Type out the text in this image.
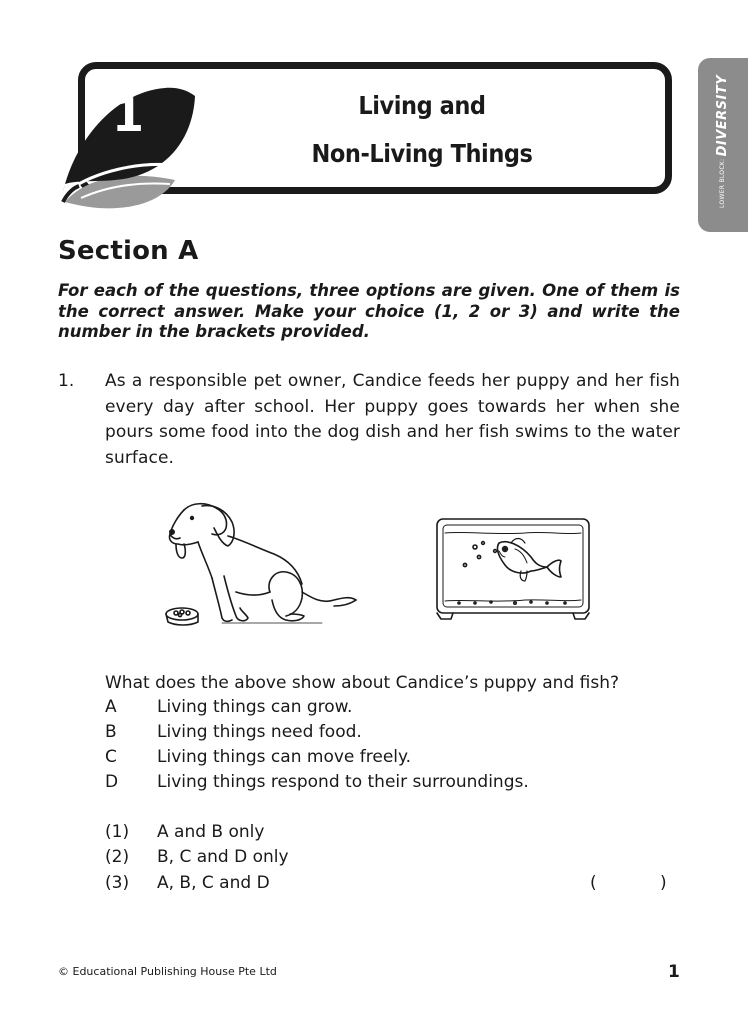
Living and
Non-Living Things
1
LOWER BLOCK: DIVERSITY
Section A
For each of the questions, three options are given. One of them is the correct answer. Make your choice (1, 2 or 3) and write the number in the brackets provided.
1. As a responsible pet owner, Candice feeds her puppy and her fish every day after school. Her puppy goes towards her when she pours some food into the dog dish and her fish swims to the water surface.
What does the above show about Candice’s puppy and fish?
A Living things can grow.
B Living things need food.
C Living things can move freely.
D Living things respond to their surroundings.
(1) A and B only
(2) B, C and D only
(3) A, B, C and D	(	)
© Educational Publishing House Pte Ltd	1
